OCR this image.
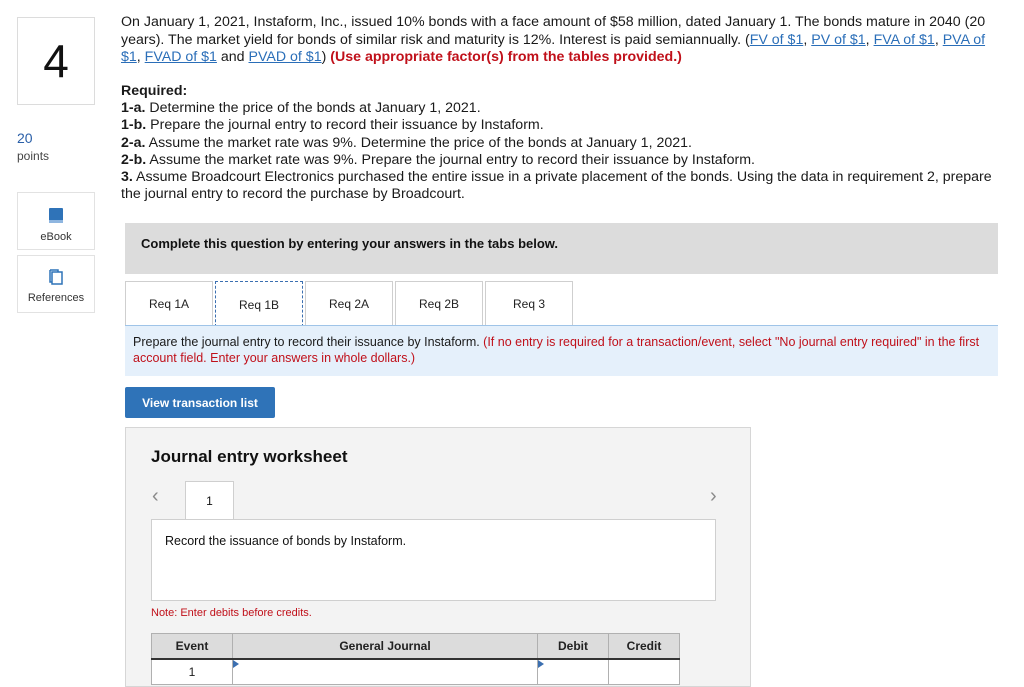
4
20
points
eBook
References
On January 1, 2021, Instaform, Inc., issued 10% bonds with a face amount of $58 million, dated January 1. The bonds mature in 2040 (20 years). The market yield for bonds of similar risk and maturity is 12%. Interest is paid semiannually. (FV of $1, PV of $1, FVA of $1, PVA of $1, FVAD of $1 and PVAD of $1) (Use appropriate factor(s) from the tables provided.)
Required:
1-a. Determine the price of the bonds at January 1, 2021.
1-b. Prepare the journal entry to record their issuance by Instaform.
2-a. Assume the market rate was 9%. Determine the price of the bonds at January 1, 2021.
2-b. Assume the market rate was 9%. Prepare the journal entry to record their issuance by Instaform.
3. Assume Broadcourt Electronics purchased the entire issue in a private placement of the bonds. Using the data in requirement 2, prepare the journal entry to record the purchase by Broadcourt.
Complete this question by entering your answers in the tabs below.
Req 1A	Req 1B	Req 2A	Req 2B	Req 3
Prepare the journal entry to record their issuance by Instaform. (If no entry is required for a transaction/event, select "No journal entry required" in the first account field. Enter your answers in whole dollars.)
View transaction list
Journal entry worksheet
‹	›
1
Record the issuance of bonds by Instaform.
Note: Enter debits before credits.
Event	General Journal	Debit	Credit
1	
